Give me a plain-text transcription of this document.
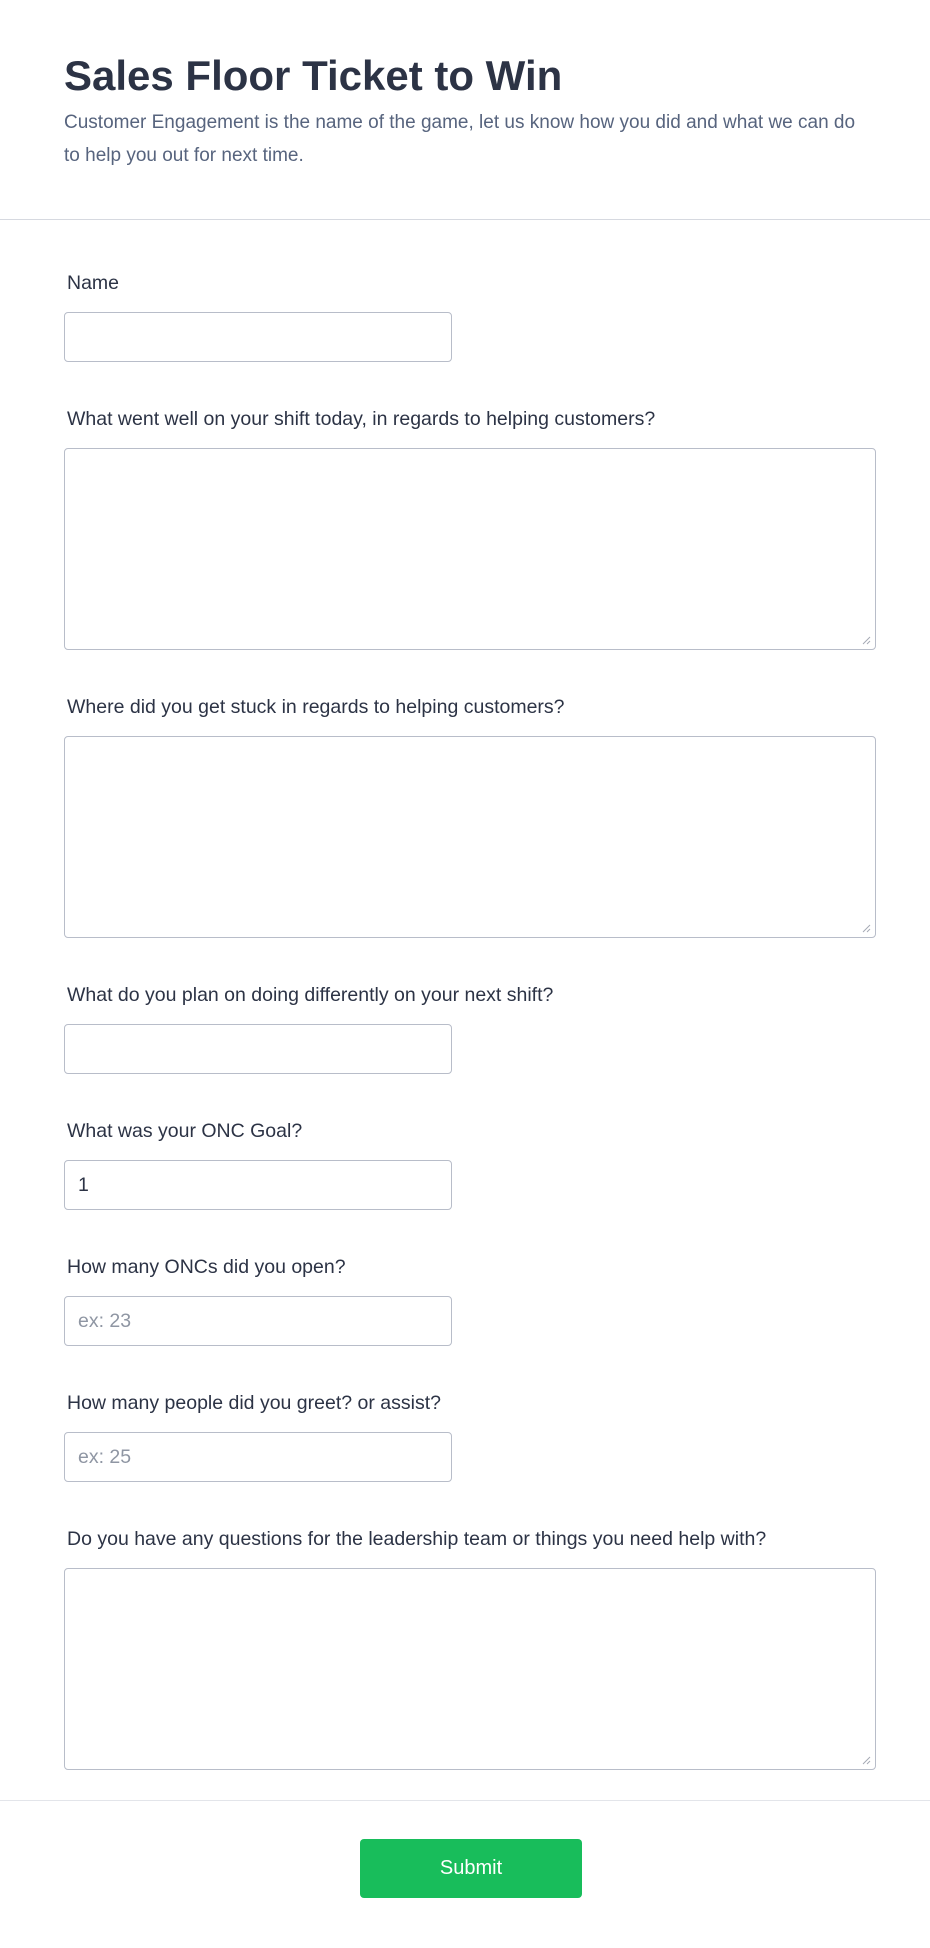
Sales Floor Ticket to Win

Customer Engagement is the name of the game, let us know how you did and what we can do to help you out for next time.

Name
What went well on your shift today, in regards to helping customers?
Where did you get stuck in regards to helping customers?
What do you plan on doing differently on your next shift?
What was your ONC Goal?
1
How many ONCs did you open?
ex: 23
How many people did you greet? or assist?
ex: 25
Do you have any questions for the leadership team or things you need help with?
Submit
